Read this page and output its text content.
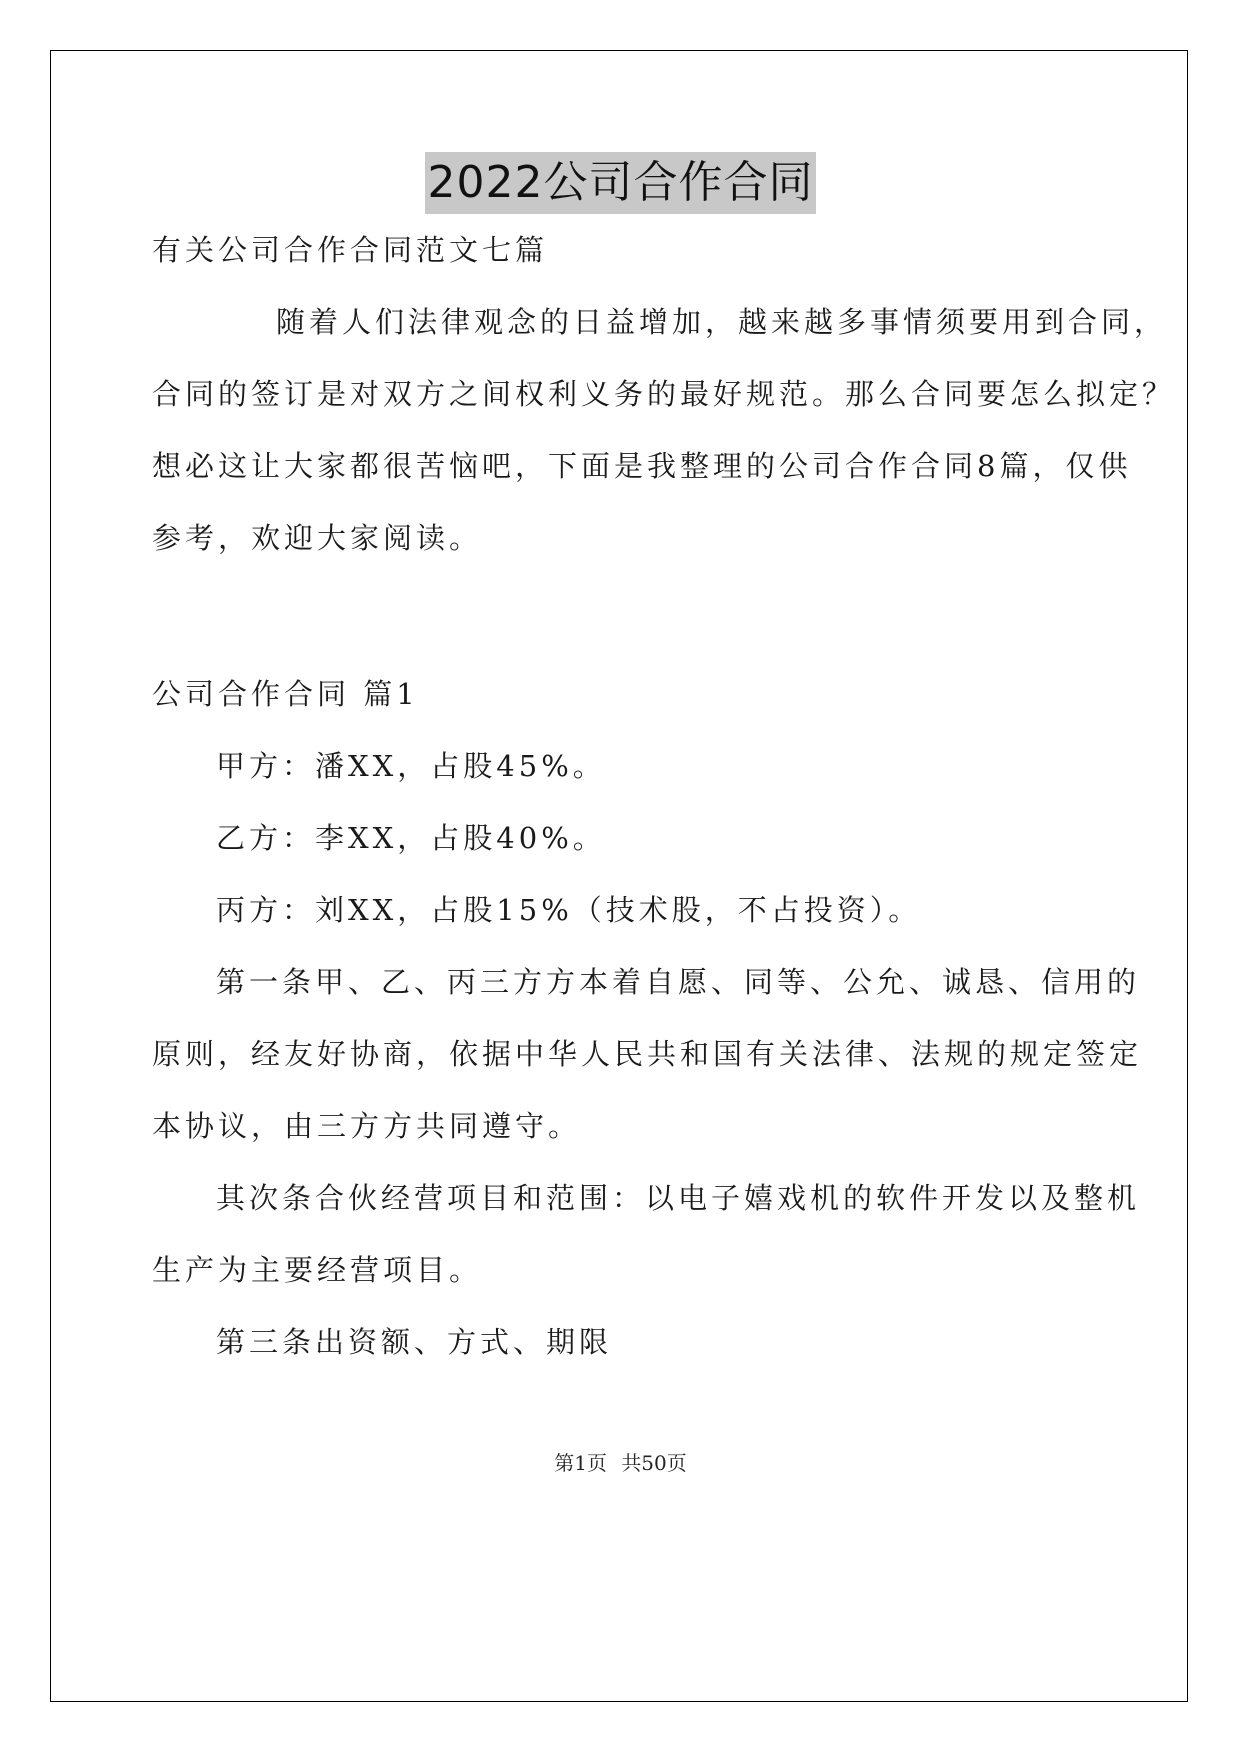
2022公司合作合同
有关公司合作合同范文七篇
随着人们法律观念的日益增加，越来越多事情须要用到合同，
合同的签订是对双方之间权利义务的最好规范。那么合同要怎么拟定？
想必这让大家都很苦恼吧，下面是我整理的公司合作合同8篇，仅供
参考，欢迎大家阅读。
公司合作合同 篇1
甲方：潘XX，占股45%。
乙方：李XX，占股40%。
丙方：刘XX，占股15%（技术股，不占投资）。
第一条甲、乙、丙三方方本着自愿、同等、公允、诚恳、信用的
原则，经友好协商，依据中华人民共和国有关法律、法规的规定签定
本协议，由三方方共同遵守。
其次条合伙经营项目和范围：以电子嬉戏机的软件开发以及整机
生产为主要经营项目。
第1页 共50页
第三条出资额、方式、期限
